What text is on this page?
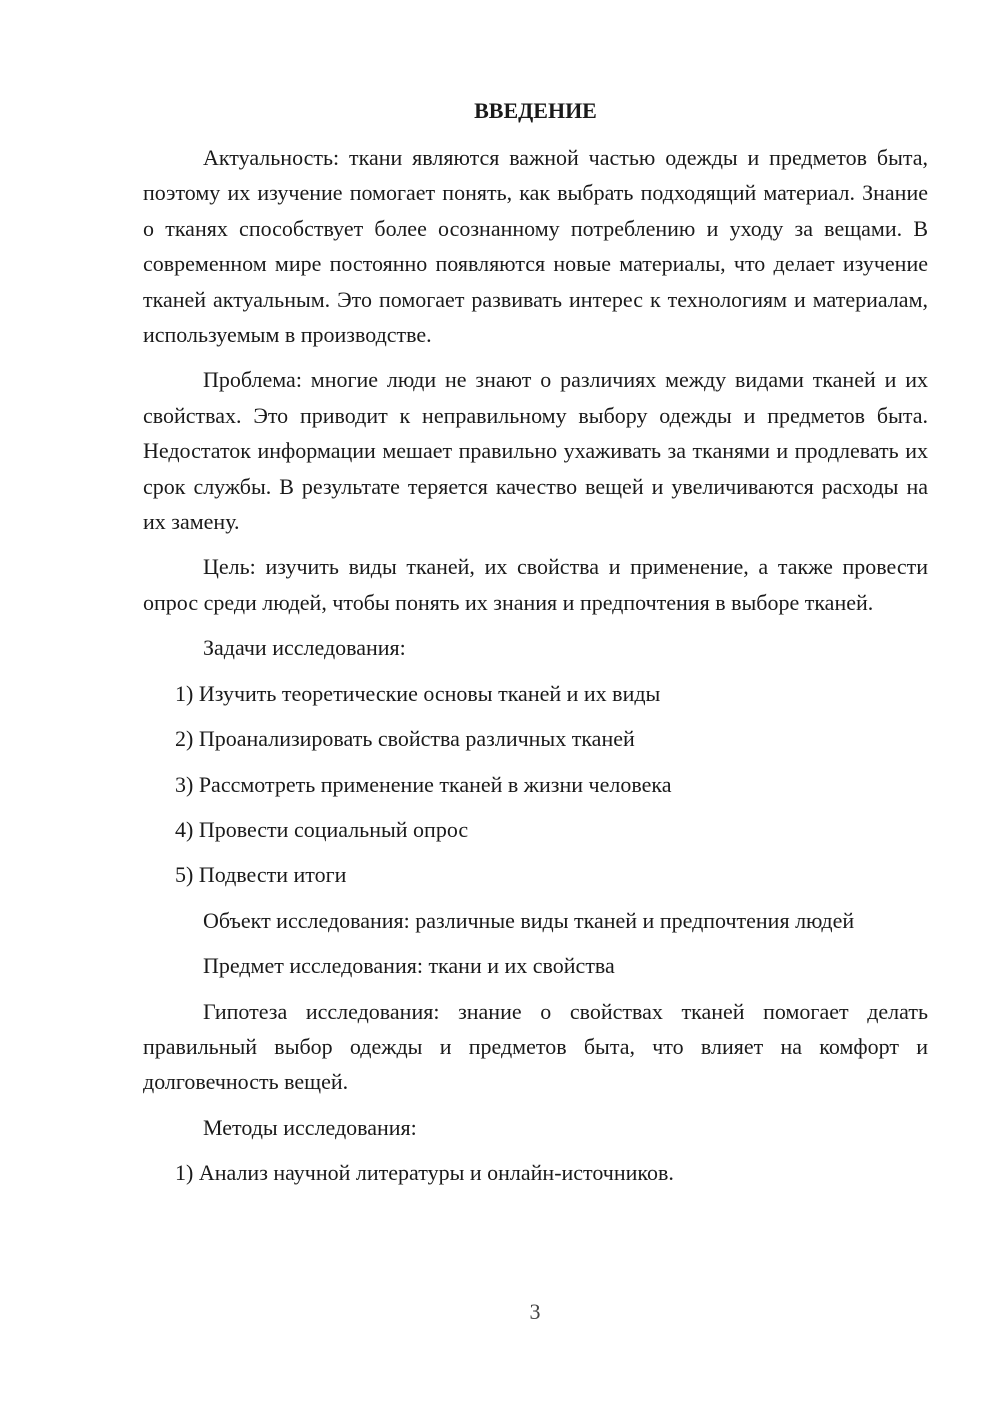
ВВЕДЕНИЕ

Актуальность: ткани являются важной частью одежды и предметов быта, поэтому их изучение помогает понять, как выбрать подходящий материал. Знание о тканях способствует более осознанному потреблению и уходу за вещами. В современном мире постоянно появляются новые материалы, что делает изучение тканей актуальным. Это помогает развивать интерес к технологиям и материалам, используемым в производстве.

Проблема: многие люди не знают о различиях между видами тканей и их свойствах. Это приводит к неправильному выбору одежды и предметов быта. Недостаток информации мешает правильно ухаживать за тканями и продлевать их срок службы. В результате теряется качество вещей и увеличиваются расходы на их замену.

Цель: изучить виды тканей, их свойства и применение, а также провести опрос среди людей, чтобы понять их знания и предпочтения в выборе тканей.

Задачи исследования:

1) Изучить теоретические основы тканей и их виды

2) Проанализировать свойства различных тканей

3) Рассмотреть применение тканей в жизни человека

4) Провести социальный опрос

5) Подвести итоги

Объект исследования: различные виды тканей и предпочтения людей

Предмет исследования: ткани и их свойства

Гипотеза исследования: знание о свойствах тканей помогает делать правильный выбор одежды и предметов быта, что влияет на комфорт и долговечность вещей.

Методы исследования:

1) Анализ научной литературы и онлайн-источников.

3
